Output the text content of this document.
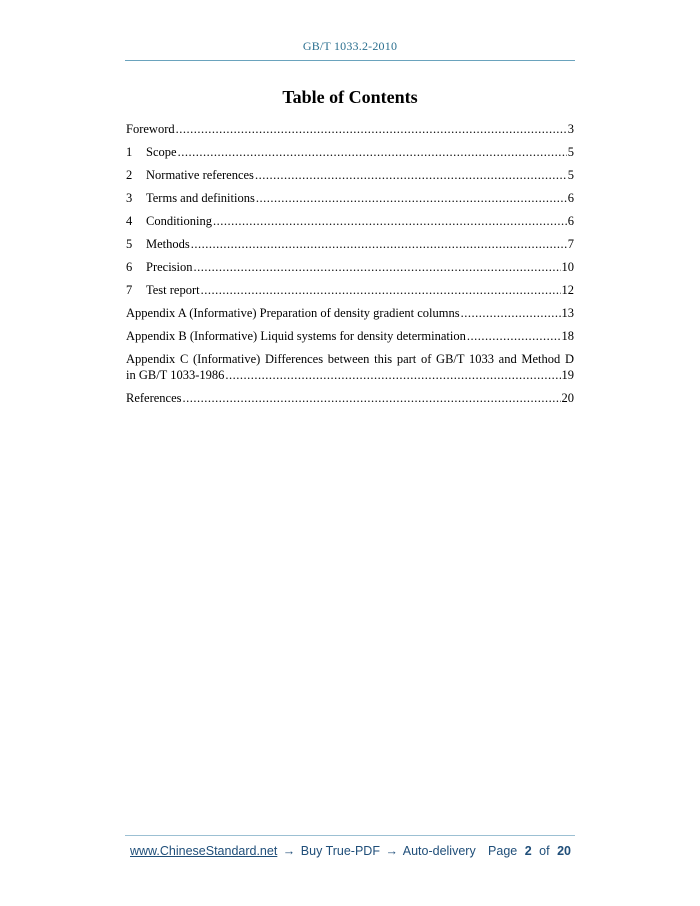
GB/T 1033.2-2010
Table of Contents
Foreword .....	3
1	Scope .....	5
2	Normative references .....	5
3	Terms and definitions .....	6
4	Conditioning .....	6
5	Methods .....	7
6	Precision .....	10
7	Test report .....	12
Appendix A (Informative) Preparation of density gradient columns .....	13
Appendix B (Informative) Liquid systems for density determination .....	18
Appendix C (Informative) Differences between this part of GB/T 1033 and Method D
in GB/T 1033-1986 .....	19
References .....	20
www.ChineseStandard.net → Buy True-PDF → Auto-delivery Page 2 of 20
